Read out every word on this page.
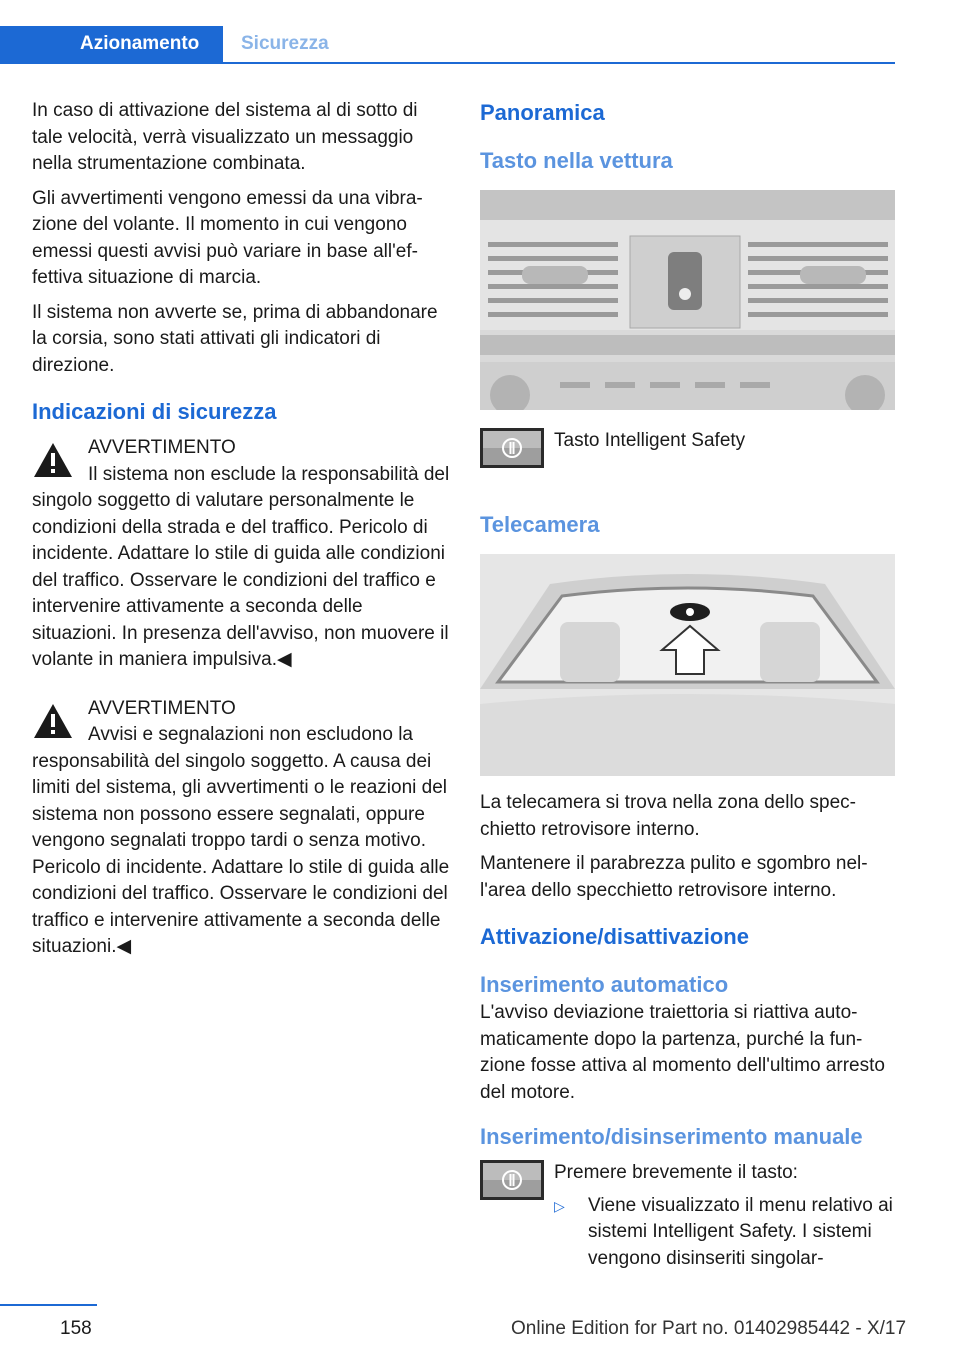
Azionamento	Sicurezza

In caso di attivazione del sistema al di sotto di tale velocità, verrà visualizzato un messaggio nella strumentazione combinata.

Gli avvertimenti vengono emessi da una vibrazione del volante. Il momento in cui vengono emessi questi avvisi può variare in base all'effettiva situazione di marcia.

Il sistema non avverte se, prima di abbandonare la corsia, sono stati attivati gli indicatori di direzione.

Indicazioni di sicurezza
AVVERTIMENTO
Il sistema non esclude la responsabilità del singolo soggetto di valutare personalmente le condizioni della strada e del traffico. Pericolo di incidente. Adattare lo stile di guida alle condizioni del traffico. Osservare le condizioni del traffico e intervenire attivamente a seconda delle situazioni. In presenza dell'avviso, non muovere il volante in maniera impulsiva.◀
AVVERTIMENTO
Avvisi e segnalazioni non escludono la responsabilità del singolo soggetto. A causa dei limiti del sistema, gli avvertimenti o le reazioni del sistema non possono essere segnalati, oppure vengono segnalati troppo tardi o senza motivo. Pericolo di incidente. Adattare lo stile di guida alle condizioni del traffico. Osservare le condizioni del traffico e intervenire attivamente a seconda delle situazioni.◀
Panoramica
Tasto nella vettura
Tasto Intelligent Safety
Telecamera

La telecamera si trova nella zona dello specchietto retrovisore interno.

Mantenere il parabrezza pulito e sgombro nell'area dello specchietto retrovisore interno.

Attivazione/disattivazione
Inserimento automatico

L'avviso deviazione traiettoria si riattiva automaticamente dopo la partenza, purché la funzione fosse attiva al momento dell'ultimo arresto del motore.

Inserimento/disinserimento manuale
Premere brevemente il tasto:
▷ Viene visualizzato il menu relativo ai sistemi Intelligent Safety. I sistemi vengono disinseriti singolar-
158	Online Edition for Part no. 01402985442 - X/17
